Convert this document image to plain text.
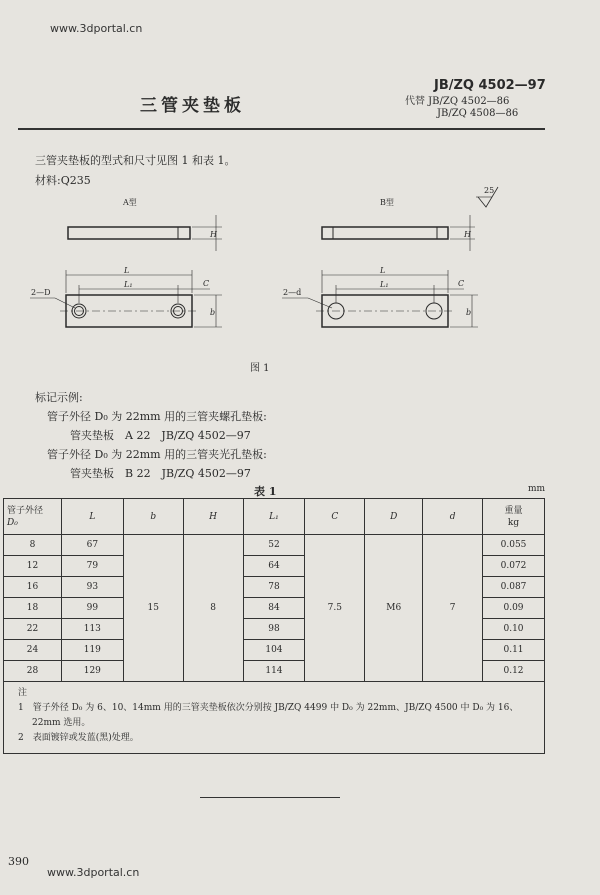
www.3dportal.cn
三管夹垫板
JB/ZQ 4502—97
代替 JB/ZQ 4502—86
JB/ZQ 4508—86
三管夹垫板的型式和尺寸见图 1 和表 1。
材料:Q235
A型	B型
25
H	H
L	L
L₁	L₁
C	C
b	b
2—D	2—d
图 1
标记示例:
管子外径 D₀ 为 22mm 用的三管夹螺孔垫板:
管夹垫板　A 22　JB/ZQ 4502—97
管子外径 D₀ 为 22mm 用的三管夹光孔垫板:
管夹垫板　B 22　JB/ZQ 4502—97
表 1	mm
管子外径
D₀	L	b	H	L₁	C	D	d	重量
kg
8	67	15	8	52	7.5	M6	7	0.055
12	79			64				0.072
16	93			78				0.087
18	99			84				0.09
22	113			98				0.10
24	119			104				0.11
28	129			114				0.12

注
1　管子外径 D₀ 为 6、10、14mm 用的三管夹垫板依次分别按 JB/ZQ 4499 中 D₀ 为 22mm、JB/ZQ 4500 中 D₀ 为 16、
22mm 选用。
2　表面镀锌或发蓝(黑)处理。								
390
www.3dportal.cn
